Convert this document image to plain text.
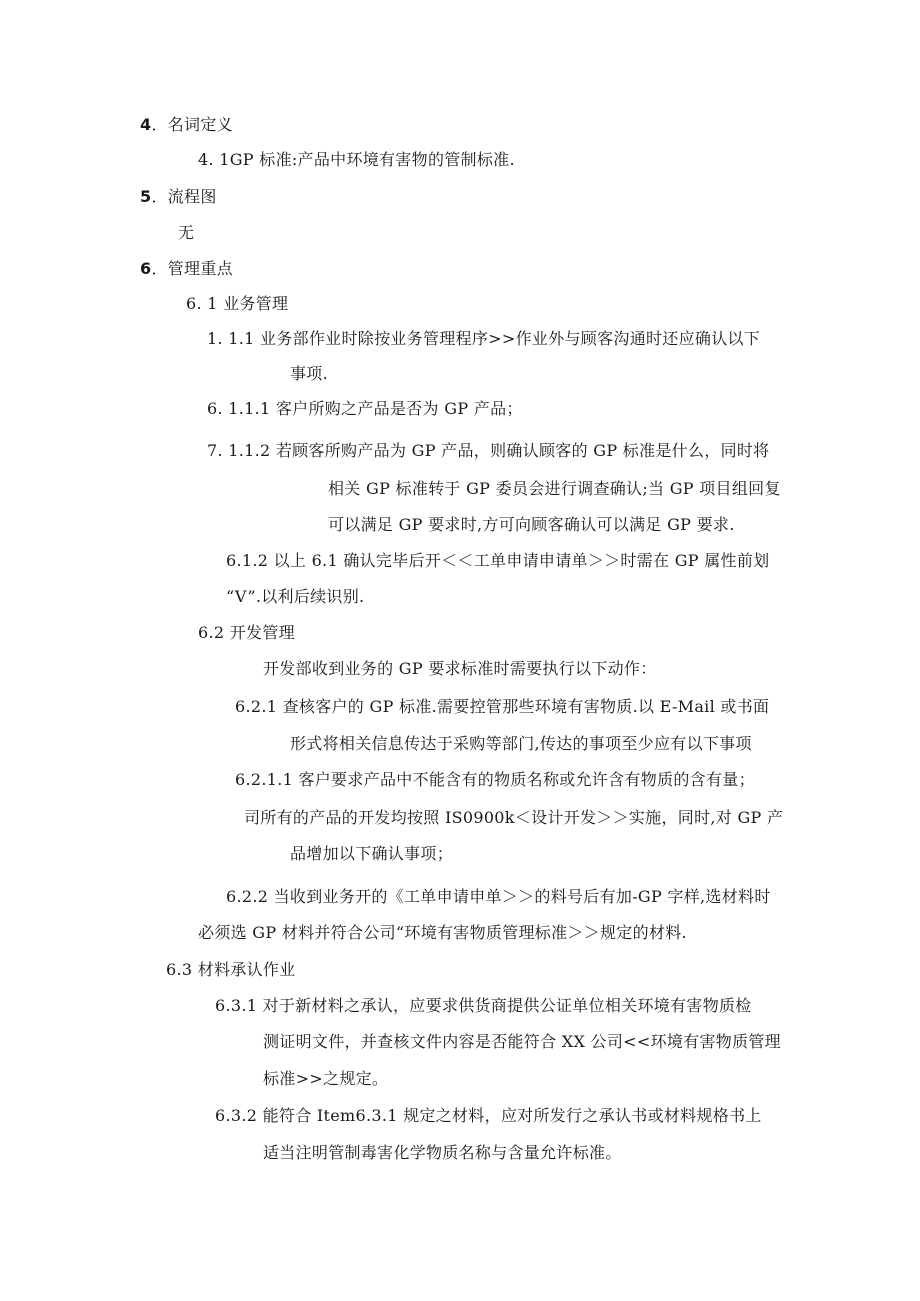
4．名词定义
4. 1GP 标准:产品中环境有害物的管制标准.
5．流程图
无
6．管理重点
6. 1 业务管理
1. 1.1 业务部作业时除按业务管理程序>>作业外与顾客沟通时还应确认以下
事项.
6. 1.1.1 客户所购之产品是否为 GP 产品；
7. 1.1.2 若顾客所购产品为 GP 产品，则确认顾客的 GP 标准是什么，同时将
相关 GP 标准转于 GP 委员会进行调查确认;当 GP 项目组回复
可以满足 GP 要求时,方可向顾客确认可以满足 GP 要求.
6.1.2 以上 6.1 确认完毕后开＜＜工单申请申请单＞＞时需在 GP 属性前划
“V”.以利后续识别.
6.2 开发管理
开发部收到业务的 GP 要求标准时需要执行以下动作：
6.2.1 查核客户的 GP 标准.需要控管那些环境有害物质.以 E-Mail 或书面
形式将相关信息传达于采购等部门,传达的事项至少应有以下事项
6.2.1.1 客户要求产品中不能含有的物质名称或允许含有物质的含有量；
司所有的产品的开发均按照 IS0900k＜设计开发＞＞实施，同时,对 GP 产
品增加以下确认事项；
6.2.2 当收到业务开的《工单申请申单＞＞的料号后有加-GP 字样,选材料时
必须选 GP 材料并符合公司“环境有害物质管理标准＞＞规定的材料.
6.3 材料承认作业
6.3.1 对于新材料之承认，应要求供货商提供公证单位相关环境有害物质检
测证明文件，并查核文件内容是否能符合 XX 公司<<环境有害物质管理
标准>>之规定。
6.3.2 能符合 Item6.3.1 规定之材料，应对所发行之承认书或材料规格书上
适当注明管制毒害化学物质名称与含量允许标准。
